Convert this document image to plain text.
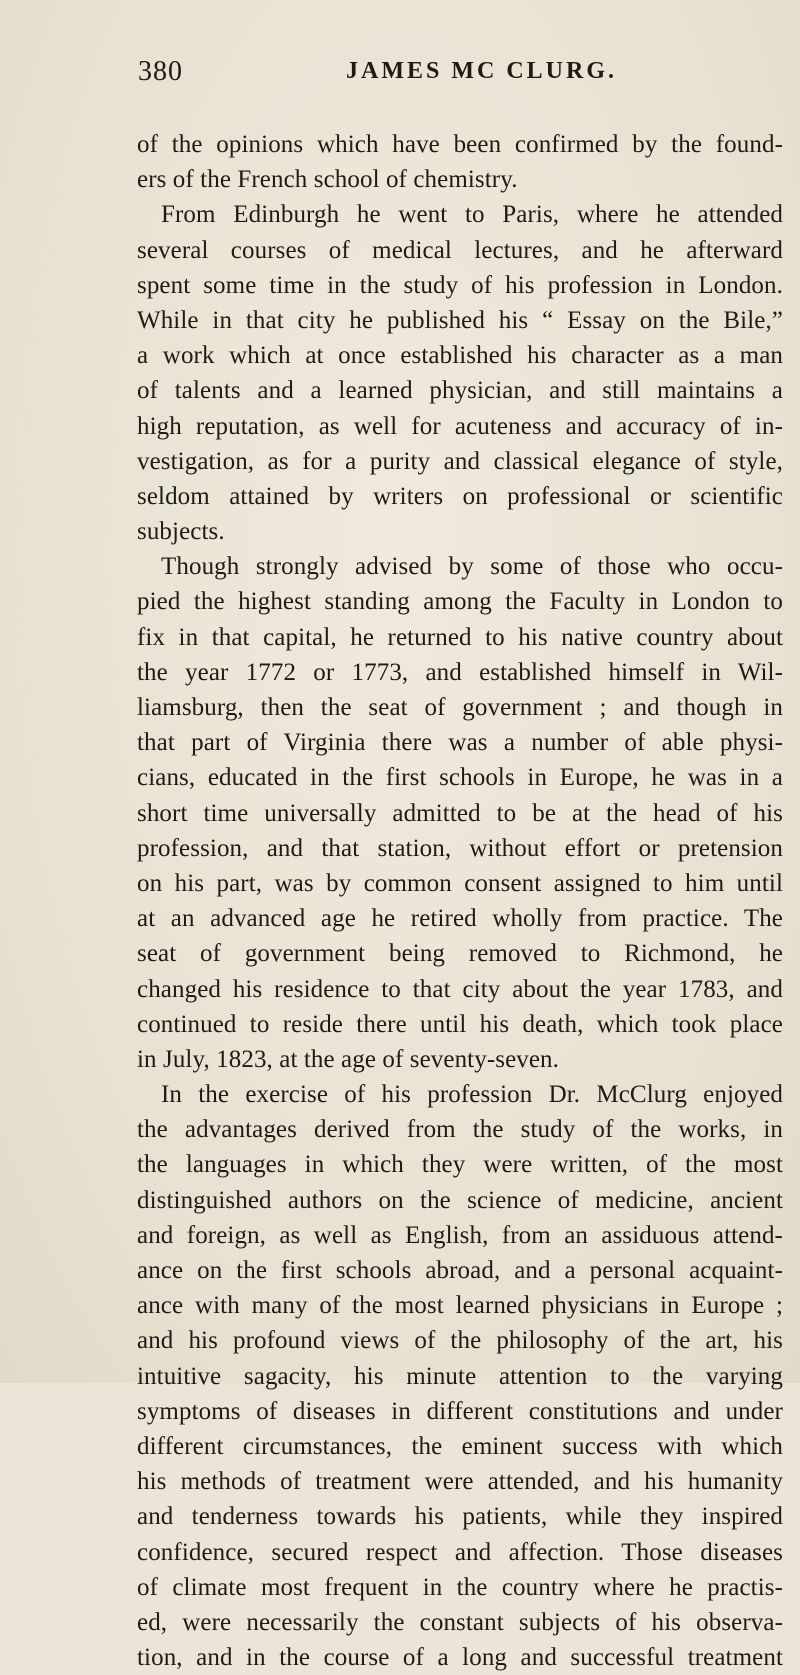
380	JAMES MC CLURG.
of the opinions which have been confirmed by the found-
ers of the French school of chemistry.
From Edinburgh he went to Paris, where he attended
several courses of medical lectures, and he afterward
spent some time in the study of his profession in London.
While in that city he published his “ Essay on the Bile,”
a work which at once established his character as a man
of talents and a learned physician, and still maintains a
high reputation, as well for acuteness and accuracy of in-
vestigation, as for a purity and classical elegance of style,
seldom attained by writers on professional or scientific
subjects.
Though strongly advised by some of those who occu-
pied the highest standing among the Faculty in London to
fix in that capital, he returned to his native country about
the year 1772 or 1773, and established himself in Wil-
liamsburg, then the seat of government ; and though in
that part of Virginia there was a number of able physi-
cians, educated in the first schools in Europe, he was in a
short time universally admitted to be at the head of his
profession, and that station, without effort or pretension
on his part, was by common consent assigned to him until
at an advanced age he retired wholly from practice. The
seat of government being removed to Richmond, he
changed his residence to that city about the year 1783, and
continued to reside there until his death, which took place
in July, 1823, at the age of seventy-seven.
In the exercise of his profession Dr. McClurg enjoyed
the advantages derived from the study of the works, in
the languages in which they were written, of the most
distinguished authors on the science of medicine, ancient
and foreign, as well as English, from an assiduous attend-
ance on the first schools abroad, and a personal acquaint-
ance with many of the most learned physicians in Europe ;
and his profound views of the philosophy of the art, his
intuitive sagacity, his minute attention to the varying
symptoms of diseases in different constitutions and under
different circumstances, the eminent success with which
his methods of treatment were attended, and his humanity
and tenderness towards his patients, while they inspired
confidence, secured respect and affection. Those diseases
of climate most frequent in the country where he practis-
ed, were necessarily the constant subjects of his observa-
tion, and in the course of a long and successful treatment
